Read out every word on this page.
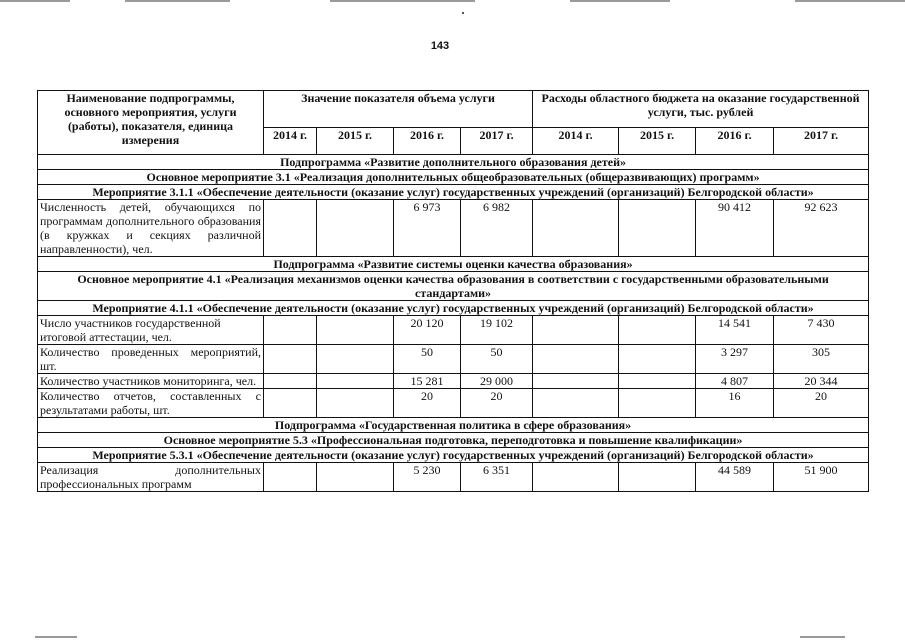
143
Наименование подпрограммы, основного мероприятия, услуги (работы), показателя, единица измерения	Значение показателя объема услуги				Расходы областного бюджета на оказание государственной услуги, тыс. рублей			
	2014 г.	2015 г.	2016 г.	2017 г.	2014 г.	2015 г.	2016 г.	2017 г.
Подпрограмма «Развитие дополнительного образования детей»								
Основное мероприятие 3.1 «Реализация дополнительных общеобразовательных (общеразвивающих) программ»								
Мероприятие 3.1.1 «Обеспечение деятельности (оказание услуг) государственных учреждений (организаций) Белгородской области»								
Численность детей, обучающихся по программам дополнительного образования (в кружках и секциях различной направленности), чел.			6 973	6 982			90 412	92 623
Подпрограмма «Развитие системы оценки качества образования»								
Основное мероприятие 4.1 «Реализация механизмов оценки качества образования в соответствии с государственными образовательными стандартами»								
Мероприятие 4.1.1 «Обеспечение деятельности (оказание услуг) государственных учреждений (организаций) Белгородской области»								
Число участников государственной итоговой аттестации, чел.			20 120	19 102			14 541	7 430
Количество проведенных мероприятий, шт.			50	50			3 297	305
Количество участников мониторинга, чел.			15 281	29 000			4 807	20 344
Количество отчетов, составленных с результатами работы, шт.			20	20			16	20
Подпрограмма «Государственная политика в сфере образования»								
Основное мероприятие 5.3 «Профессиональная подготовка, переподготовка и повышение квалификации»								
Мероприятие 5.3.1 «Обеспечение деятельности (оказание услуг) государственных учреждений (организаций) Белгородской области»								
Реализация дополнительных профессиональных программ			5 230	6 351			44 589	51 900
